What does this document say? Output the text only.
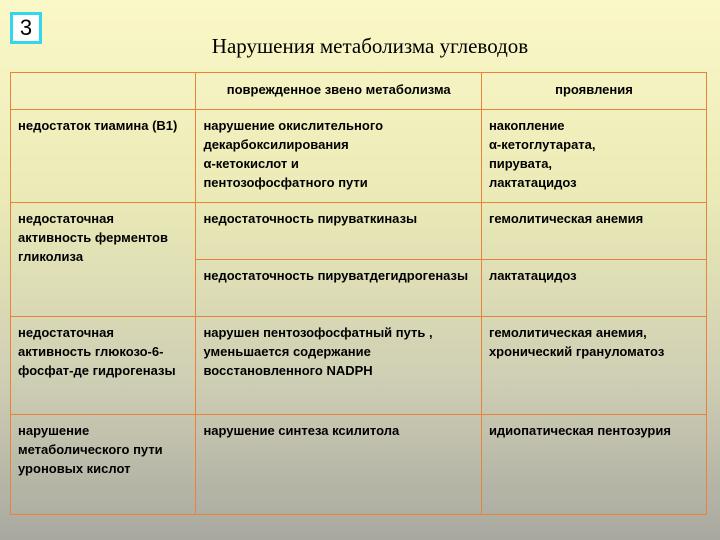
3
Нарушения метаболизма углеводов
	поврежденное звено метаболизма	проявления
недостаток тиамина (В1)	нарушение окислительного
декарбоксилирования
α-кетокислот и
пентозофосфатного пути	накопление
α-кетоглутарата,
пирувата,
лактатацидоз

недостаточная активность ферментов гликолиза	недостаточность пируваткиназы	гемолитическая анемия
	недостаточность пируватдегидрогеназы	лактатацидоз
недостаточная активность глюкозо-6-фосфат-де гидрогеназы	нарушен пентозофосфатный путь , уменьшается содержание восстановленного NADPH	гемолитическая анемия, хронический грануломатоз
нарушение метаболического пути уроновых кислот	нарушение синтеза ксилитола	идиопатическая пентозурия
